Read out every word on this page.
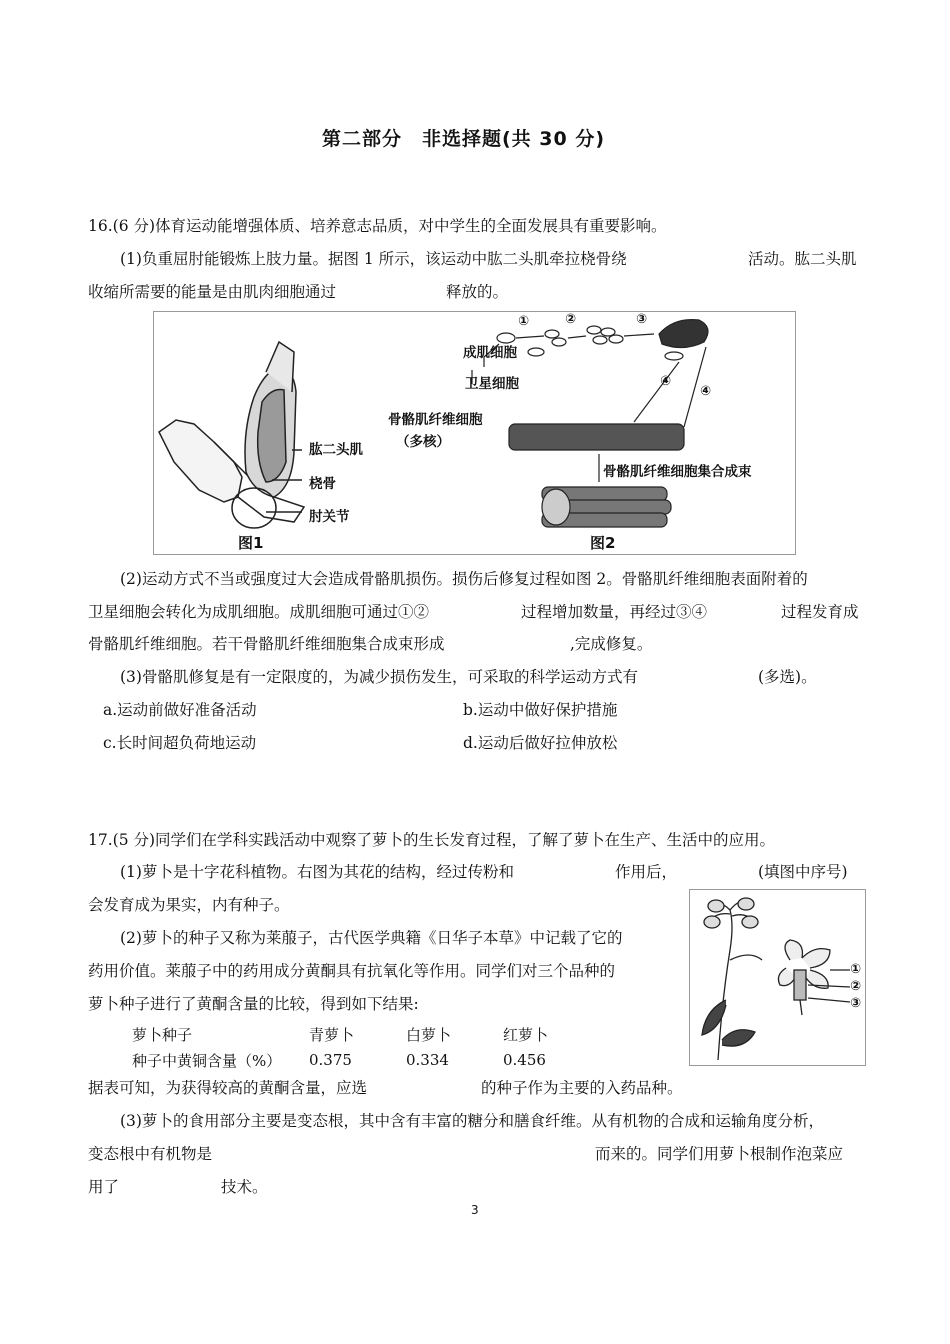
第二部分　非选择题(共 30 分)
16.(6 分)体育运动能增强体质、培养意志品质，对中学生的全面发展具有重要影响。
(1)负重屈肘能锻炼上肢力量。据图 1 所示，该运动中肱二头肌牵拉桡骨绕	活动。肱二头肌
收缩所需要的能量是由肌肉细胞通过	释放的。
肱二头肌
桡骨
肘关节
图1
成肌细胞
卫星细胞
骨骼肌纤维细胞
（多核）
骨骼肌纤维细胞集合成束
①	②	③
④
④
图2
(2)运动方式不当或强度过大会造成骨骼肌损伤。损伤后修复过程如图 2。骨骼肌纤维细胞表面附着的
卫星细胞会转化为成肌细胞。成肌细胞可通过①②	过程增加数量，再经过③④	过程发育成
骨骼肌纤维细胞。若干骨骼肌纤维细胞集合成束形成	,完成修复。
(3)骨骼肌修复是有一定限度的，为减少损伤发生，可采取的科学运动方式有	(多选)。
a.运动前做好准备活动	b.运动中做好保护措施
c.长时间超负荷地运动	d.运动后做好拉伸放松
17.(5 分)同学们在学科实践活动中观察了萝卜的生长发育过程，了解了萝卜在生产、生活中的应用。
(1)萝卜是十字花科植物。右图为其花的结构，经过传粉和	作用后，	(填图中序号)
会发育成为果实，内有种子。
①
②
③
(2)萝卜的种子又称为莱菔子，古代医学典籍《日华子本草》中记载了它的
药用价值。莱菔子中的药用成分黄酮具有抗氧化等作用。同学们对三个品种的
萝卜种子进行了黄酮含量的比较，得到如下结果:
萝卜种子	青萝卜	白萝卜	红萝卜
种子中黄铜含量（%）	0.375	0.334	0.456
据表可知，为获得较高的黄酮含量，应选	的种子作为主要的入药品种。
(3)萝卜的食用部分主要是变态根，其中含有丰富的糖分和膳食纤维。从有机物的合成和运输角度分析，
变态根中有机物是	而来的。同学们用萝卜根制作泡菜应
用了	技术。
3
